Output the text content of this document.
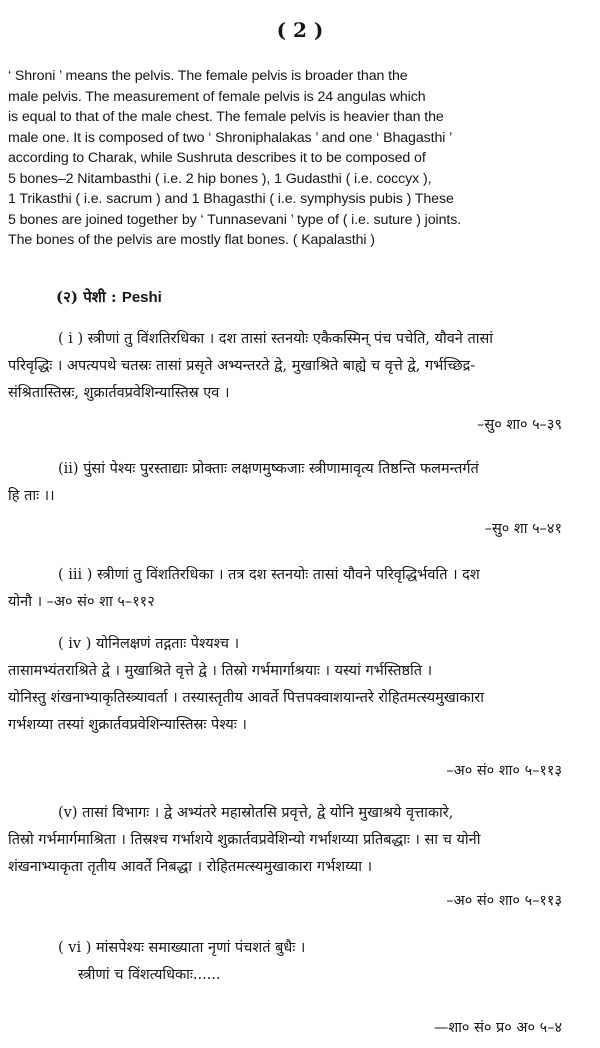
( 2 )
‘ Shroni ’ means the pelvis. The female pelvis is broader than the
male pelvis. The measurement of female pelvis is 24 angulas which
is equal to that of the male chest. The female pelvis is heavier than the
male one. It is composed of two ‘ Shroniphalakas ’ and one ‘ Bhagasthi ’
according to Charak, while Sushruta describes it to be composed of
5 bones–2 Nitambasthi ( i.e. 2 hip bones ), 1 Gudasthi ( i.e. coccyx ),
1 Trikasthi ( i.e. sacrum ) and 1 Bhagasthi ( i.e. symphysis pubis ) These
5 bones are joined together by ‘ Tunnasevani ’ type of ( i.e. suture ) joints.
The bones of the pelvis are mostly flat bones. ( Kapalasthi )
(२) पेशी : Peshi
( i ) स्त्रीणां तु विंशतिरधिका । दश तासां स्तनयोः एकैकस्मिन् पंच पचेति, यौवने तासां
परिवृद्धिः । अपत्यपथे चतस्रः तासां प्रसृते अभ्यन्तरते द्वे, मुखाश्रिते बाह्ये च वृत्ते द्वे, गर्भच्छिद्र-
संश्रितास्तिस्रः, शुक्रार्तवप्रवेशिन्यास्तिस्र एव ।
–सु० शा० ५–३९
(ii) पुंसां पेश्यः पुरस्ताद्याः प्रोक्ताः लक्षणमुष्कजाः स्त्रीणामावृत्य तिष्ठन्ति फलमन्तर्गतं
हि ताः ।।
–सु० शा ५–४१
( iii ) स्त्रीणां तु विंशतिरधिका । तत्र दश स्तनयोः तासां यौवने परिवृद्धिर्भवति । दश
योनौ । –अ० सं० शा ५–११२
( iv ) योनिलक्षणं तद्गताः पेश्यश्च ।
तासामभ्यंतराश्रिते द्वे । मुखाश्रिते वृत्ते द्वे । तिस्रो गर्भमार्गाश्रयाः । यस्यां गर्भस्तिष्ठति ।
योनिस्तु शंखनाभ्याकृतिस्त्र्यावर्ता । तस्यास्तृतीय आवर्ते पित्तपक्वाशयान्तरे रोहितमत्स्यमुखाकारा
गर्भशय्या तस्यां शुक्रार्तवप्रवेशिन्यास्तिस्रः पेश्यः ।
–अ० सं० शा० ५–११३
(v) तासां विभागः । द्वे अभ्यंतरे महास्रोतसि प्रवृत्ते, द्वे योनि मुखाश्रये वृत्ताकारे,
तिस्रो गर्भमार्गमाश्रिता । तिस्रश्च गर्भाशये शुक्रार्तवप्रवेशिन्यो गर्भाशय्या प्रतिबद्धाः । सा च योनी
शंखनाभ्याकृता तृतीय आवर्ते निबद्धा । रोहितमत्स्यमुखाकारा गर्भशय्या ।
–अ० सं० शा० ५–११३
( vi ) मांसपेश्यः समाख्याता नृणां पंचशतं बुधैः ।
स्त्रीणां च विंशत्यधिकाः......
—शा० सं० प्र० अ० ५–४
